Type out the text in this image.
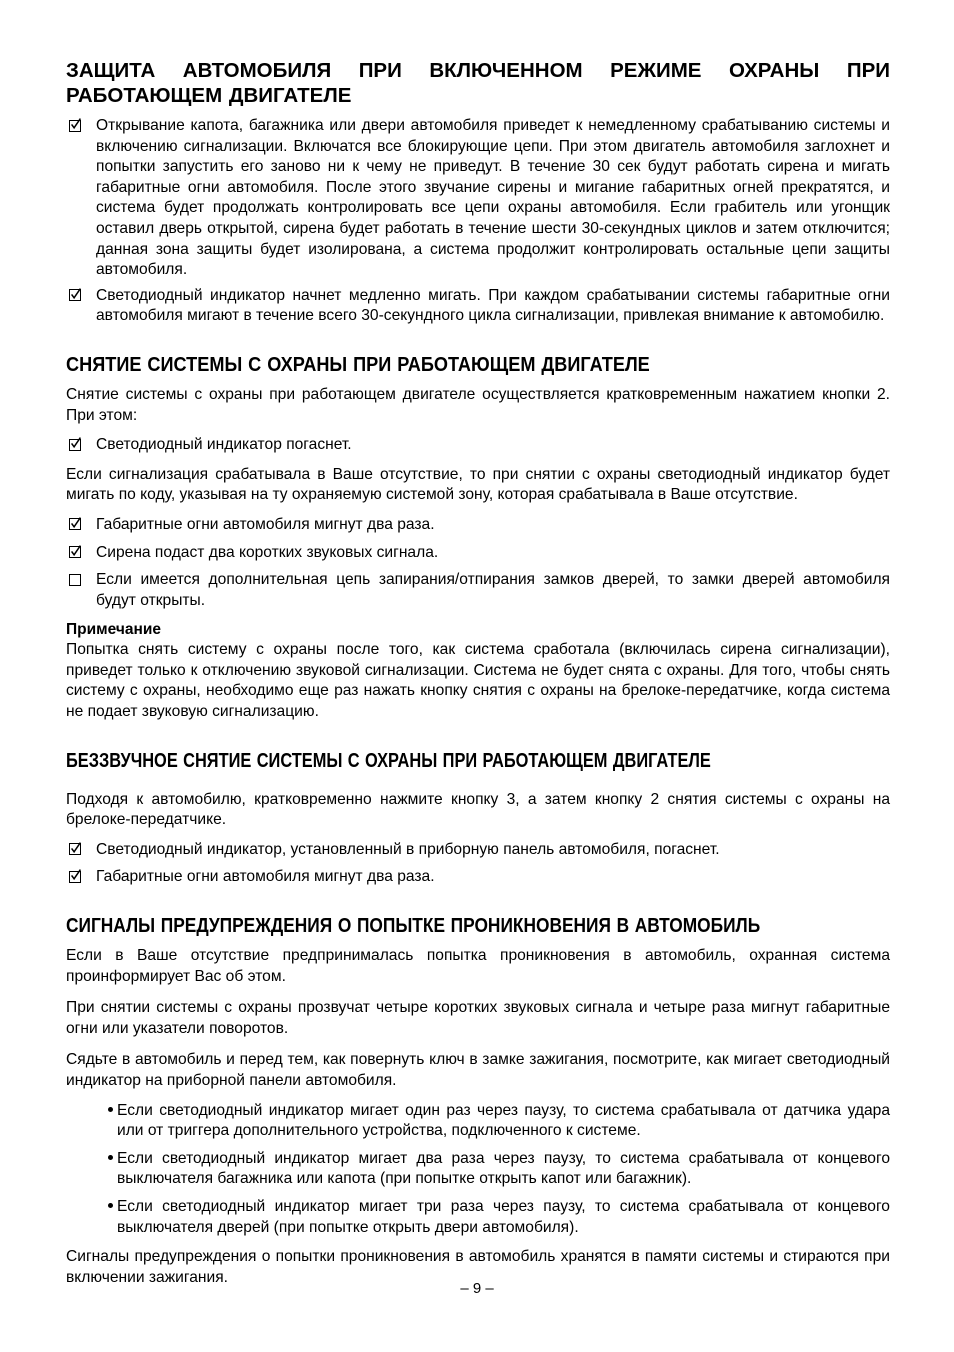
ЗАЩИТА АВТОМОБИЛЯ ПРИ ВКЛЮЧЕННОМ РЕЖИМЕ ОХРАНЫ ПРИ
РАБОТАЮЩЕМ ДВИГАТЕЛЕ
Открывание капота, багажника или двери автомобиля приведет к немедленному срабатыванию системы и включению сигнализации. Включатся все блокирующие цепи. При этом двигатель автомобиля заглохнет и попытки запустить его заново ни к чему не приведут. В течение 30 сек будут работать сирена и мигать габаритные огни автомобиля. После этого звучание сирены и мигание габаритных огней прекратятся, и система будет продолжать контролировать все цепи охраны автомобиля. Если грабитель или угонщик оставил дверь открытой, сирена будет работать в течение шести 30-секундных циклов и затем отключится; данная зона защиты будет изолирована, а система продолжит контролировать остальные цепи защиты автомобиля.
Светодиодный индикатор начнет медленно мигать. При каждом срабатывании системы габаритные огни автомобиля мигают в течение всего 30-секундного цикла сигнализации, привлекая внимание к автомобилю.
СНЯТИЕ СИСТЕМЫ С ОХРАНЫ ПРИ РАБОТАЮЩЕМ ДВИГАТЕЛЕ

Снятие системы с охраны при работающем двигателе осуществляется кратковременным нажатием кнопки 2. При этом:

Светодиодный индикатор погаснет.

Если сигнализация срабатывала в Ваше отсутствие, то при снятии с охраны светодиодный индикатор будет мигать по коду, указывая на ту охраняемую системой зону, которая срабатывала в Ваше отсутствие.

Габаритные огни автомобиля мигнут два раза.
Сирена подаст два коротких звуковых сигнала.
Если имеется дополнительная цепь запирания/отпирания замков дверей, то замки дверей автомобиля будут открыты.
Примечание

Попытка снять систему с охраны после того, как система сработала (включилась сирена сигнализации), приведет только к отключению звуковой сигнализации. Система не будет снята с охраны. Для того, чтобы снять систему с охраны, необходимо еще раз нажать кнопку снятия с охраны на брелоке-передатчике, когда система не подает звуковую сигнализацию.

БЕЗЗВУЧНОЕ СНЯТИЕ СИСТЕМЫ С ОХРАНЫ ПРИ РАБОТАЮЩЕМ ДВИГАТЕЛЕ

Подходя к автомобилю, кратковременно нажмите кнопку 3, а затем кнопку 2 снятия системы с охраны на брелоке-передатчике.

Светодиодный индикатор, установленный в приборную панель автомобиля, погаснет.
Габаритные огни автомобиля мигнут два раза.
СИГНАЛЫ ПРЕДУПРЕЖДЕНИЯ О ПОПЫТКЕ ПРОНИКНОВЕНИЯ В АВТОМОБИЛЬ

Если в Ваше отсутствие предпринималась попытка проникновения в автомобиль, охранная система проинформирует Вас об этом.

При снятии системы с охраны прозвучат четыре коротких звуковых сигнала и четыре раза мигнут габаритные огни или указатели поворотов.

Сядьте в автомобиль и перед тем, как повернуть ключ в замке зажигания, посмотрите, как мигает светодиодный индикатор на приборной панели автомобиля.

Если светодиодный индикатор мигает один раз через паузу, то система срабатывала от датчика удара или от триггера дополнительного устройства, подключенного к системе.
Если светодиодный индикатор мигает два раза через паузу, то система срабатывала от концевого выключателя багажника или капота (при попытке открыть капот или багажник).
Если светодиодный индикатор мигает три раза через паузу, то система срабатывала от концевого выключателя дверей (при попытке открыть двери автомобиля).

Сигналы предупреждения о попытки проникновения в автомобиль хранятся в памяти системы и стираются при включении зажигания.

– 9 –
